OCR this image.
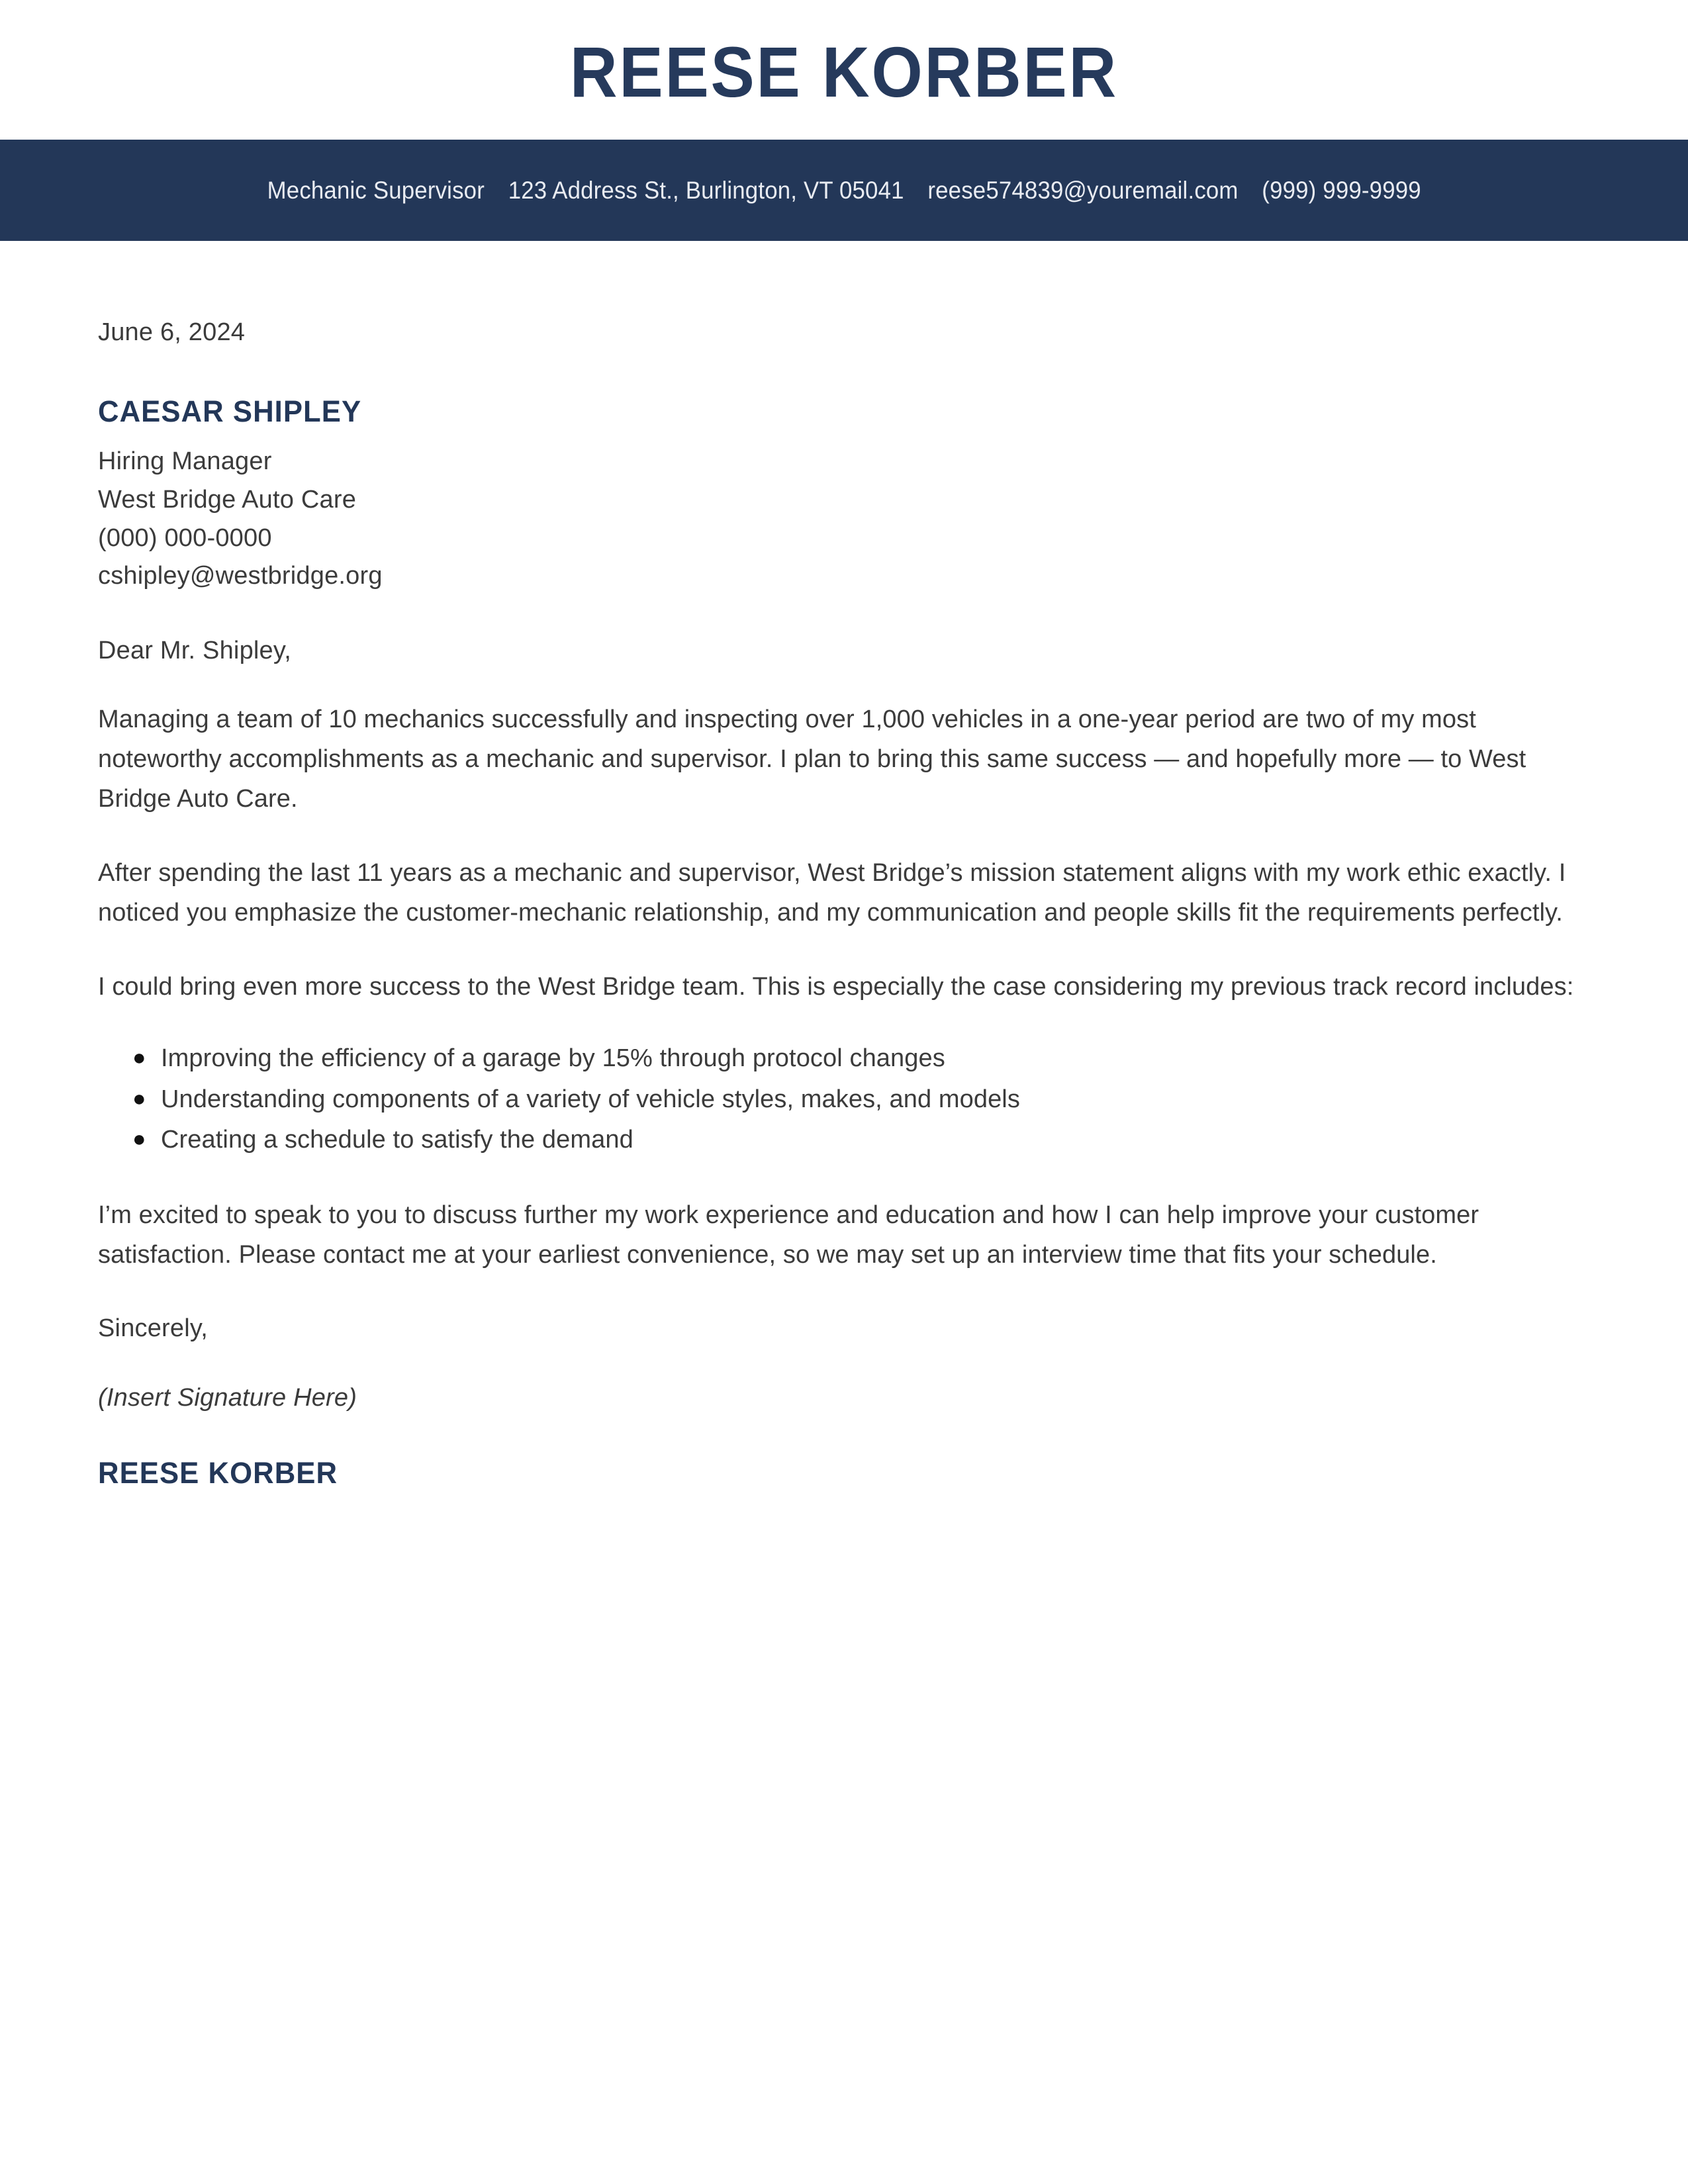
REESE KORBER
Mechanic Supervisor 123 Address St., Burlington, VT 05041 reese574839@youremail.com (999) 999-9999
June 6, 2024
CAESAR SHIPLEY
Hiring Manager
West Bridge Auto Care
(000) 000-0000
cshipley@westbridge.org
Dear Mr. Shipley,

Managing a team of 10 mechanics successfully and inspecting over 1,000 vehicles in a one-year period are two of my most noteworthy accomplishments as a mechanic and supervisor. I plan to bring this same success — and hopefully more — to West Bridge Auto Care.

After spending the last 11 years as a mechanic and supervisor, West Bridge’s mission statement aligns with my work ethic exactly. I noticed you emphasize the customer-mechanic relationship, and my communication and people skills fit the requirements perfectly.

I could bring even more success to the West Bridge team. This is especially the case considering my previous track record includes:

● Improving the efficiency of a garage by 15% through protocol changes
● Understanding components of a variety of vehicle styles, makes, and models
● Creating a schedule to satisfy the demand

I’m excited to speak to you to discuss further my work experience and education and how I can help improve your customer satisfaction. Please contact me at your earliest convenience, so we may set up an interview time that fits your schedule.

Sincerely,
(Insert Signature Here)
REESE KORBER
